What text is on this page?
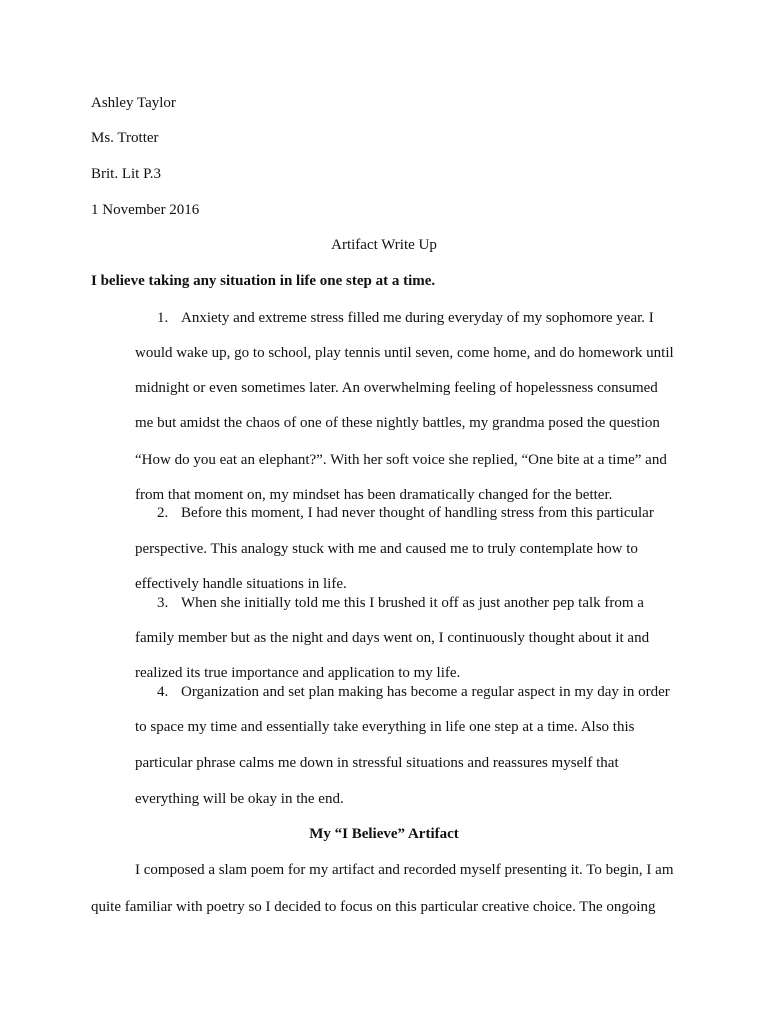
Ashley Taylor
Ms. Trotter
Brit. Lit P.3
1 November 2016
Artifact Write Up
I believe taking any situation in life one step at a time.
1. Anxiety and extreme stress filled me during everyday of my sophomore year. I
would wake up, go to school, play tennis until seven, come home, and do homework until
midnight or even sometimes later. An overwhelming feeling of hopelessness consumed
me but amidst the chaos of one of these nightly battles, my grandma posed the question
“How do you eat an elephant?”. With her soft voice she replied, “One bite at a time” and
from that moment on, my mindset has been dramatically changed for the better.
2. Before this moment, I had never thought of handling stress from this particular
perspective. This analogy stuck with me and caused me to truly contemplate how to
effectively handle situations in life.
3. When she initially told me this I brushed it off as just another pep talk from a
family member but as the night and days went on, I continuously thought about it and
realized its true importance and application to my life.
4. Organization and set plan making has become a regular aspect in my day in order
to space my time and essentially take everything in life one step at a time. Also this
particular phrase calms me down in stressful situations and reassures myself that
everything will be okay in the end.
My “I Believe” Artifact
I composed a slam poem for my artifact and recorded myself presenting it. To begin, I am
quite familiar with poetry so I decided to focus on this particular creative choice. The ongoing
